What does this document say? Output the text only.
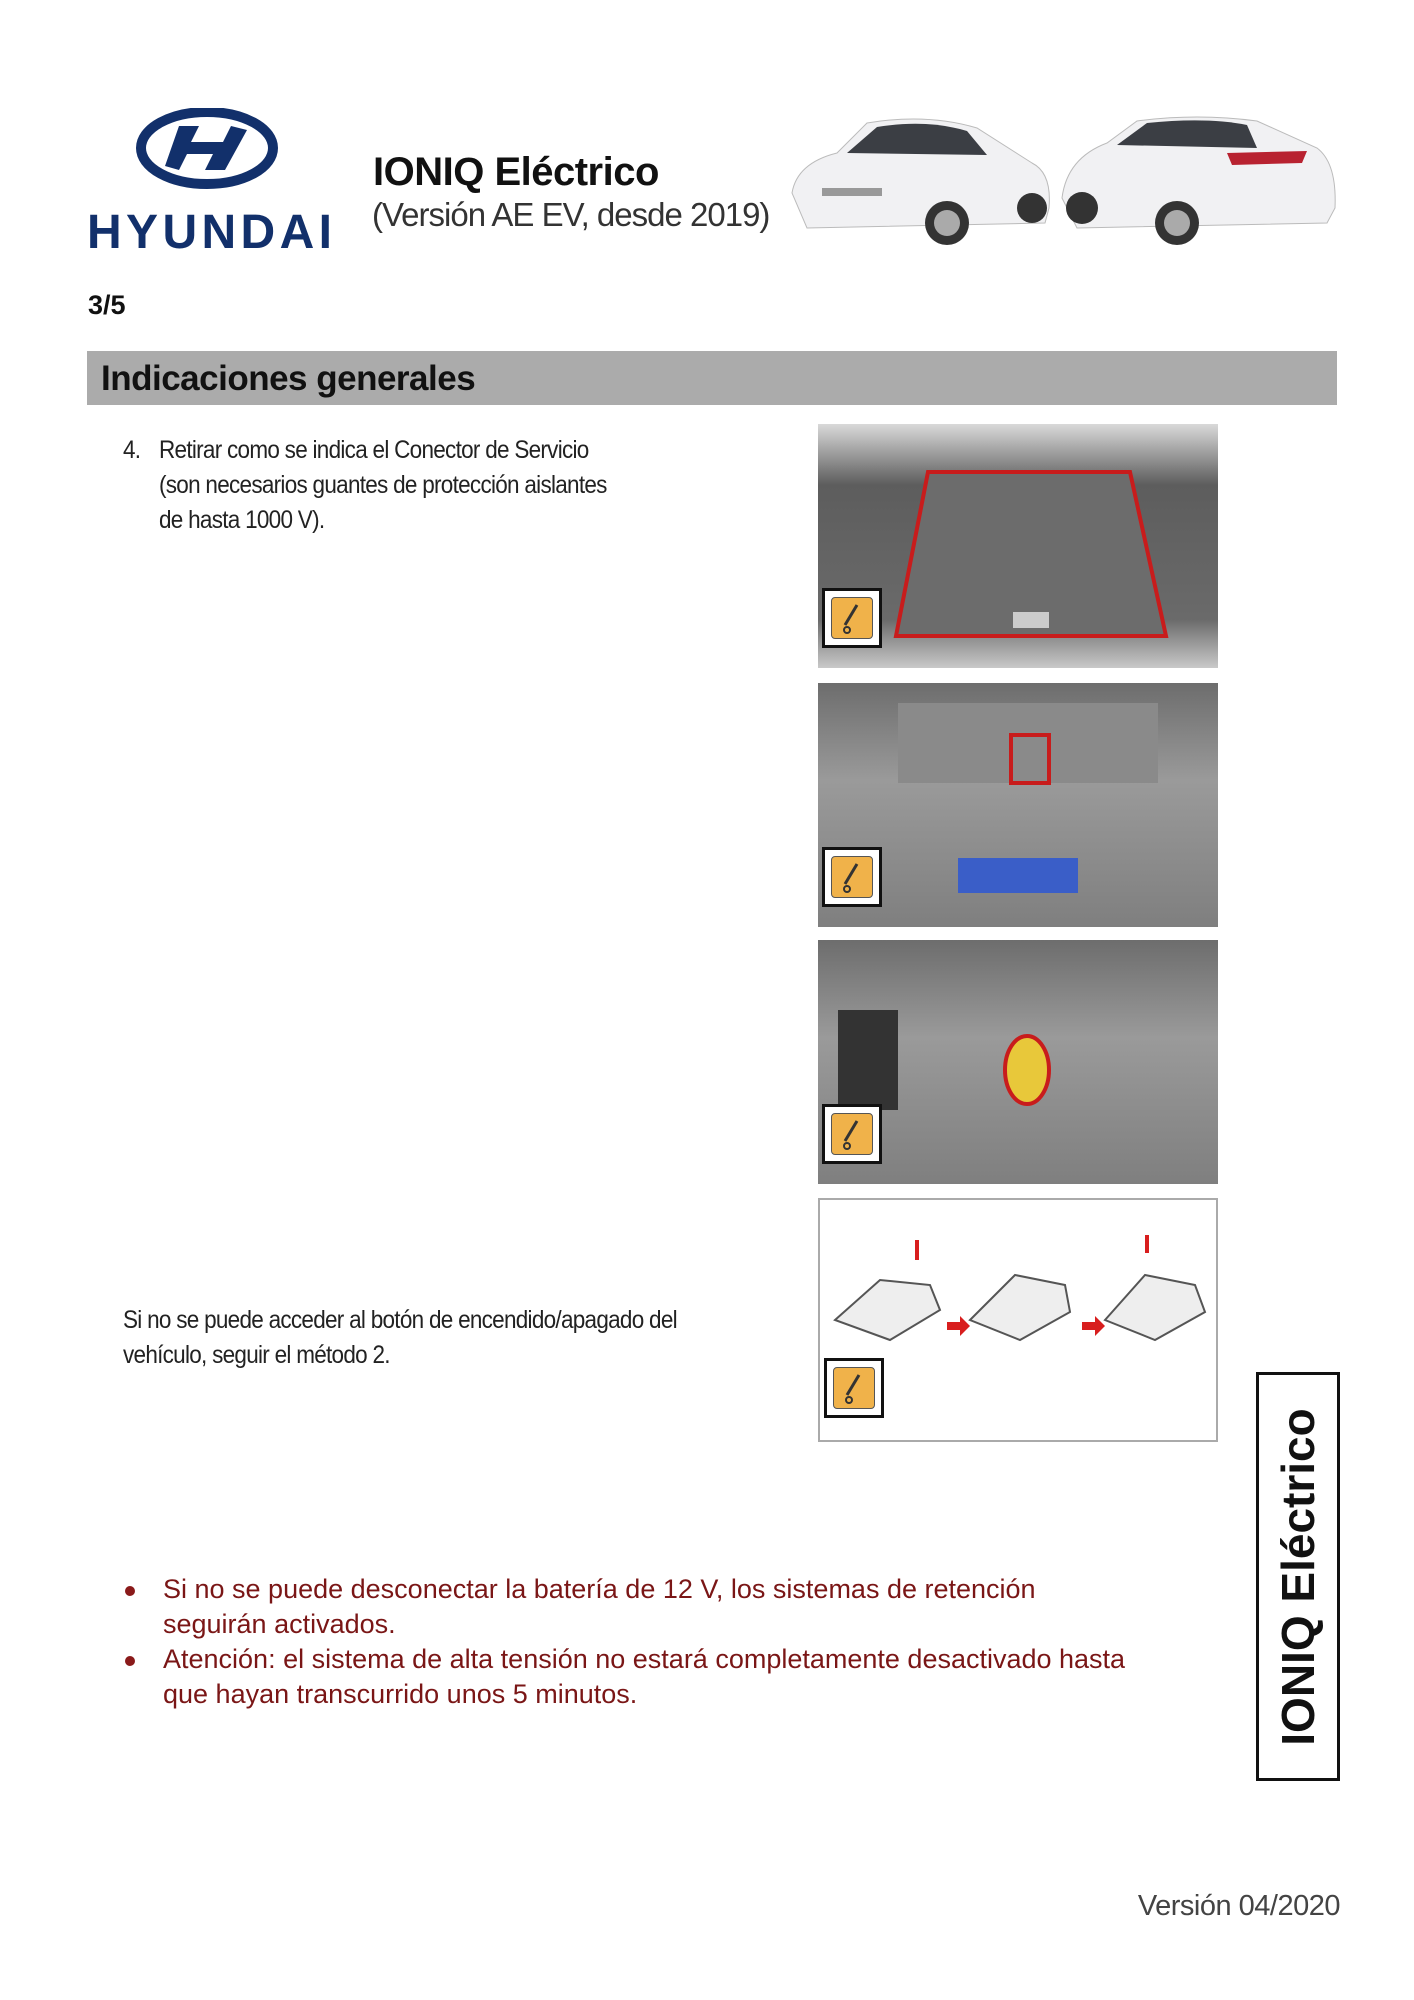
HYUNDAI
IONIQ Eléctrico
(Versión AE EV, desde 2019)
3/5
Indicaciones generales
4. Retirar como se indica el Conector de Servicio
(son necesarios guantes de protección aislantes
de hasta 1000 V).
Si no se puede acceder al botón de encendido/apagado del
vehículo, seguir el método 2.
Si no se puede desconectar la batería de 12 V, los sistemas de retención
seguirán activados.
Atención: el sistema de alta tensión no estará completamente desactivado hasta
que hayan transcurrido unos 5 minutos.	IONIQ Eléctrico
Versión 04/2020
